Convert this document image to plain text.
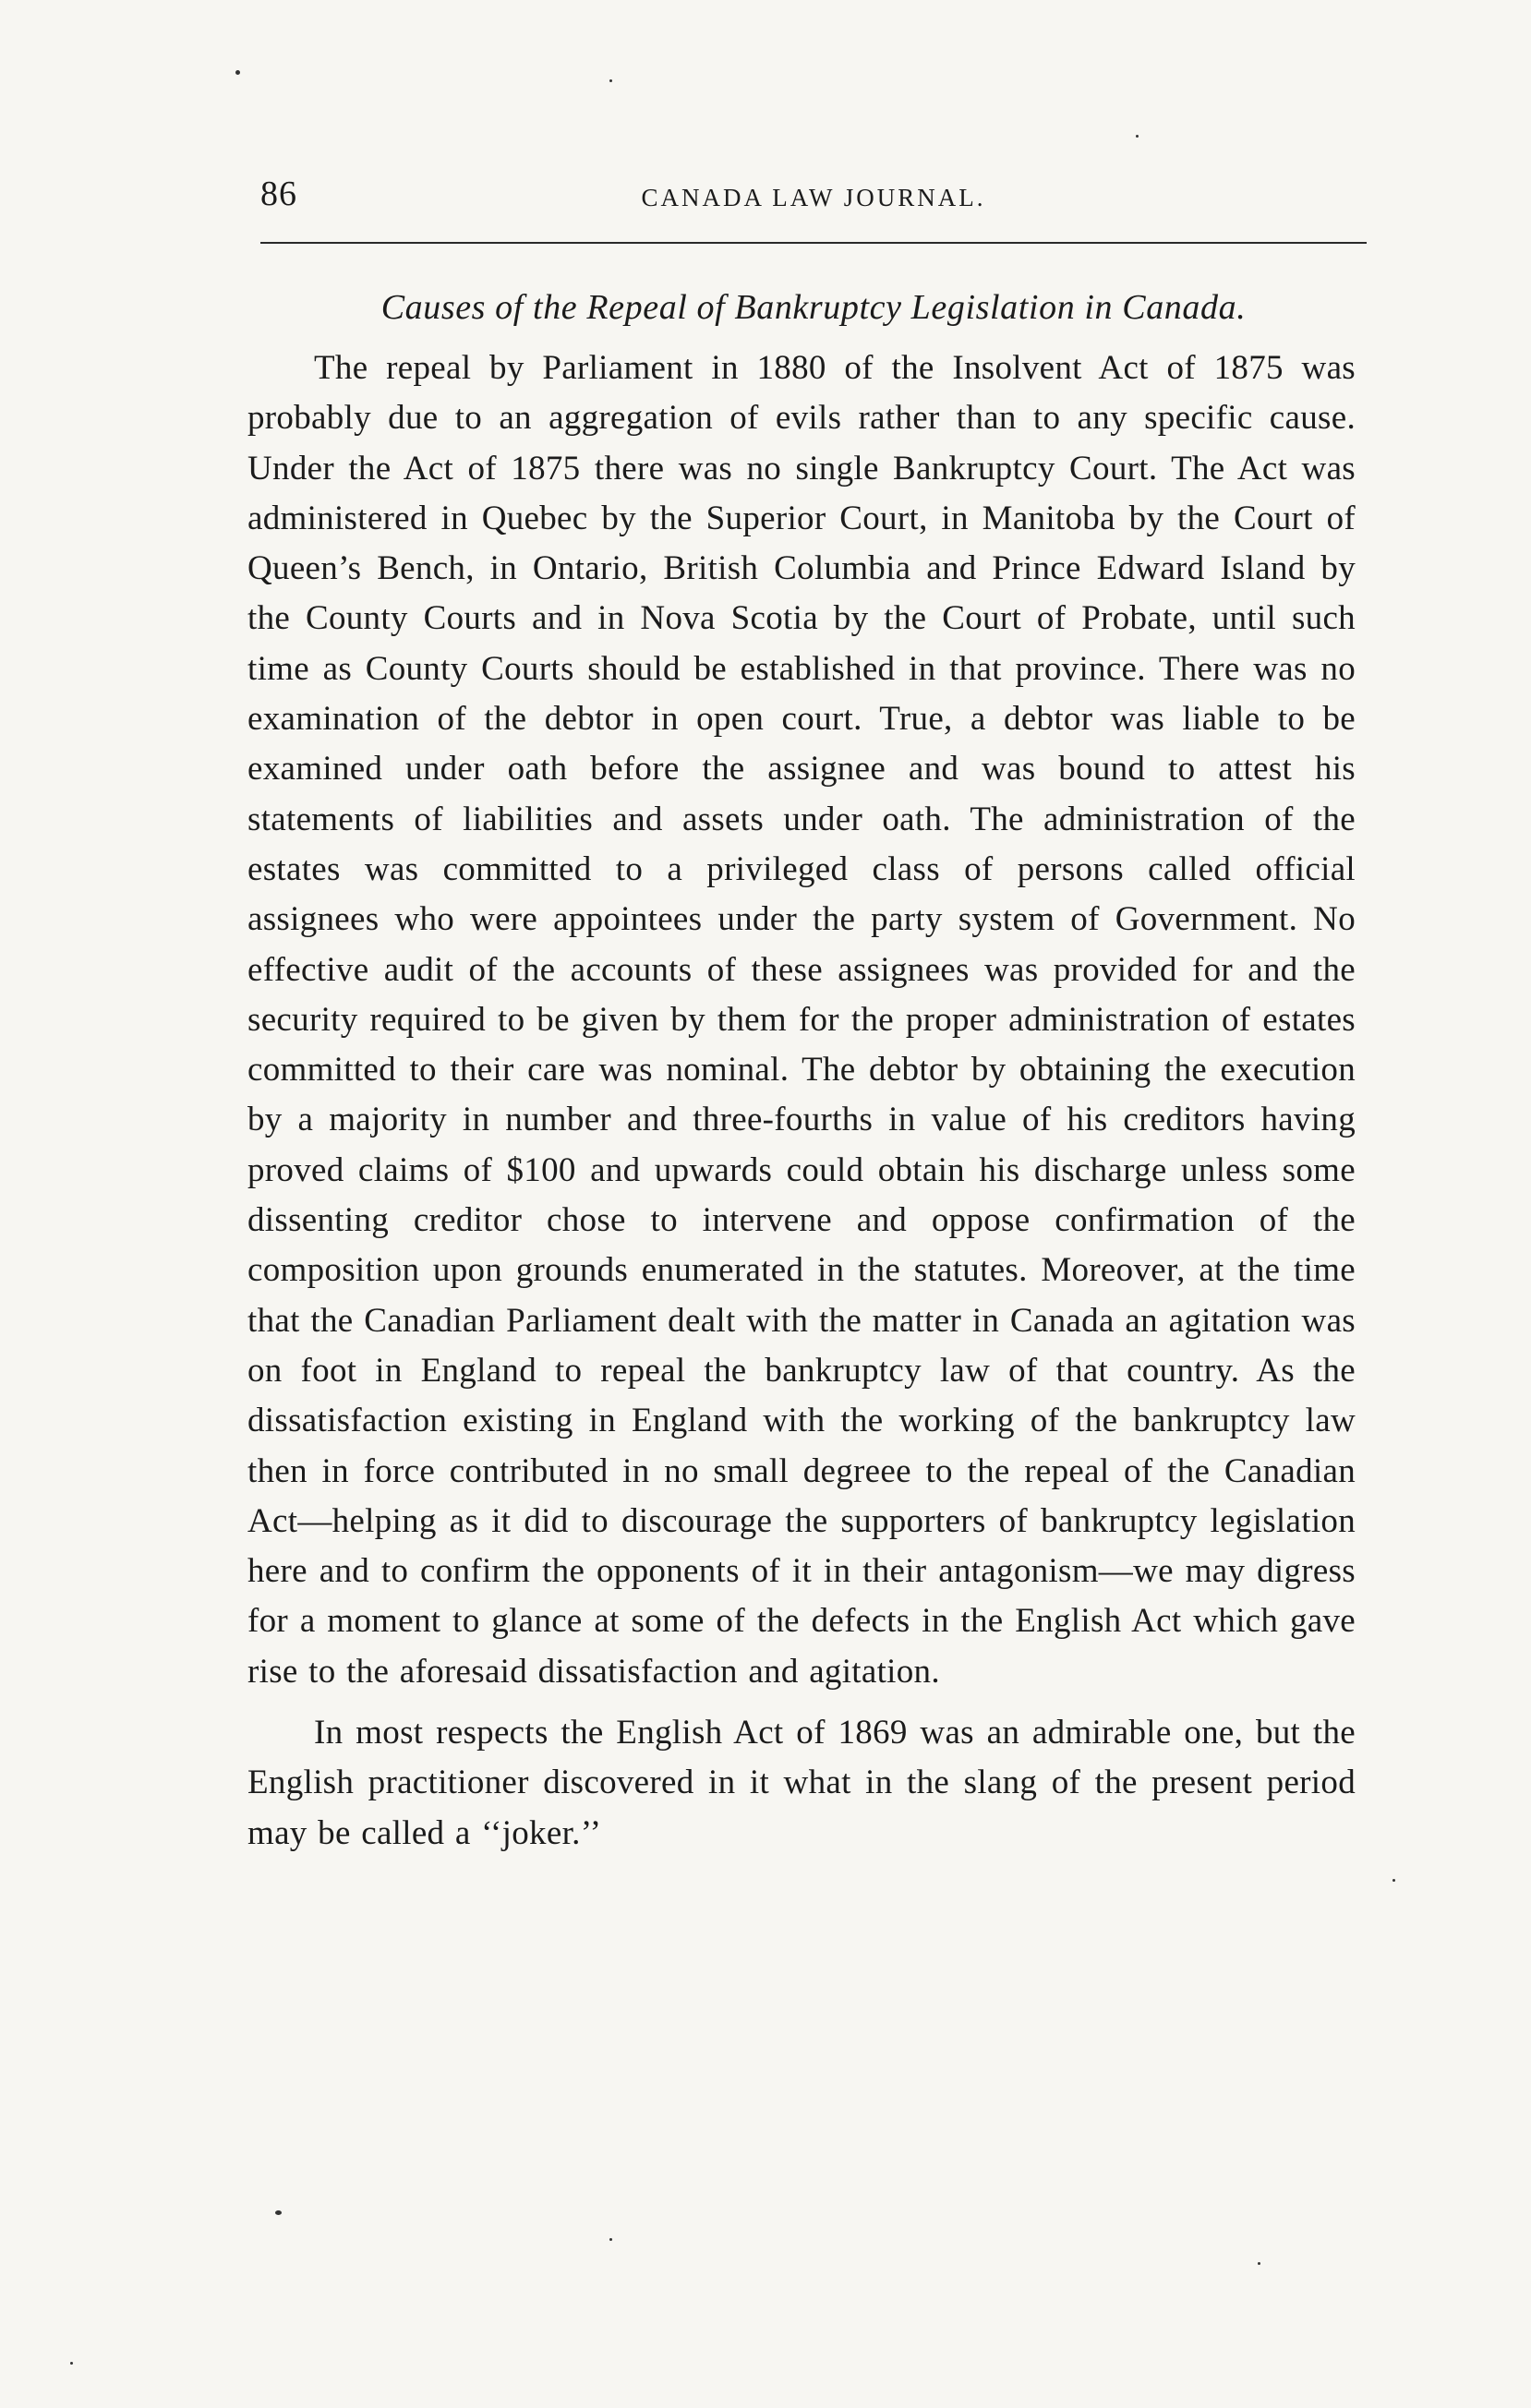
86	CANADA LAW JOURNAL.
Causes of the Repeal of Bankruptcy Legislation in Canada.

The repeal by Parliament in 1880 of the Insolvent Act of 1875 was probably due to an aggregation of evils rather than to any specific cause. Under the Act of 1875 there was no single Bankruptcy Court. The Act was administered in Quebec by the Superior Court, in Manitoba by the Court of Queen’s Bench, in Ontario, British Columbia and Prince Edward Island by the County Courts and in Nova Scotia by the Court of Probate, until such time as County Courts should be established in that province. There was no examination of the debtor in open court. True, a debtor was liable to be examined under oath before the assignee and was bound to attest his statements of liabilities and assets under oath. The administration of the estates was committed to a privileged class of persons called official assignees who were appointees under the party system of Government. No effective audit of the accounts of these assignees was provided for and the security required to be given by them for the proper administration of estates committed to their care was nominal. The debtor by obtaining the execution by a majority in number and three-fourths in value of his creditors having proved claims of $100 and upwards could obtain his discharge unless some dissenting creditor chose to intervene and oppose confirmation of the composition upon grounds enumerated in the statutes. Moreover, at the time that the Canadian Parliament dealt with the matter in Canada an agitation was on foot in England to repeal the bankruptcy law of that country. As the dissatisfaction existing in England with the working of the bankruptcy law then in force contributed in no small degreee to the repeal of the Canadian Act—helping as it did to discourage the supporters of bankruptcy legislation here and to confirm the opponents of it in their antagonism—we may digress for a moment to glance at some of the defects in the English Act which gave rise to the aforesaid dissatisfaction and agitation.

In most respects the English Act of 1869 was an admirable one, but the English practitioner discovered in it what in the slang of the present period may be called a ‘‘joker.’’
